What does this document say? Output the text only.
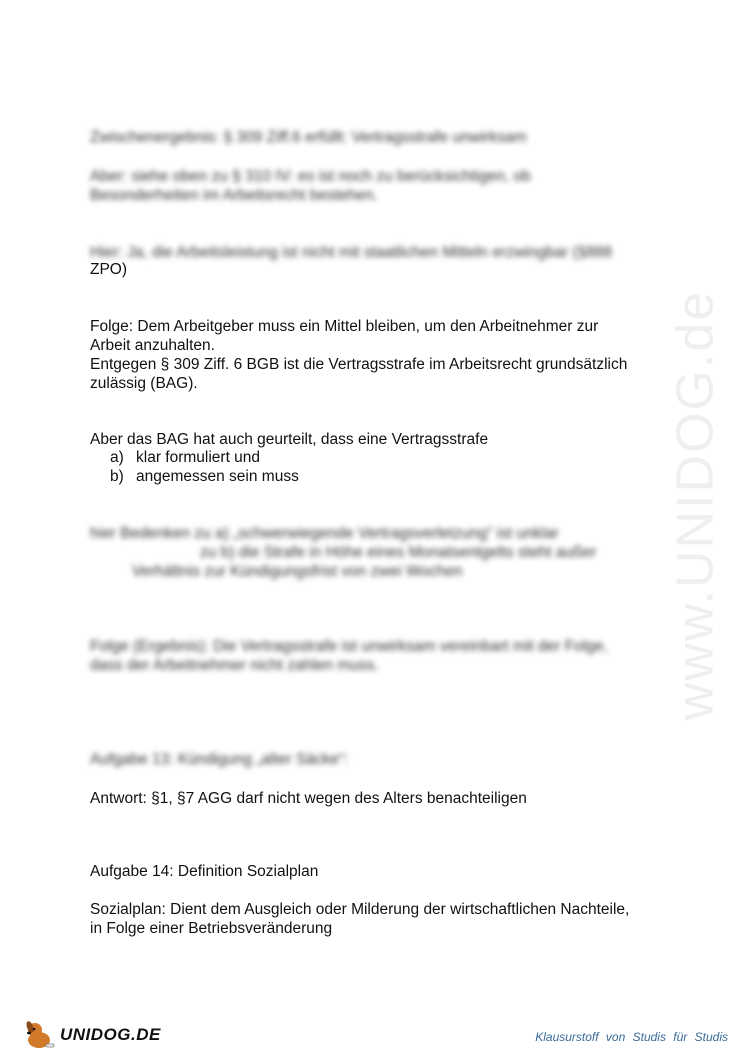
www.UNIDOG.de
Zwischenergebnis: § 309 Ziff.6 erfüllt: Vertragsstrafe unwirksam
Aber: siehe oben zu § 310 IV: es ist noch zu berücksichtigen, ob
Besonderheiten im Arbeitsrecht bestehen.
Hier: Ja, die Arbeitsleistung ist nicht mit staatlichen Mitteln erzwingbar (§888
ZPO)
Folge: Dem Arbeitgeber muss ein Mittel bleiben, um den Arbeitnehmer zur
Arbeit anzuhalten.
Entgegen § 309 Ziff. 6 BGB ist die Vertragsstrafe im Arbeitsrecht grundsätzlich
zulässig (BAG).
Aber das BAG hat auch geurteilt, dass eine Vertragsstrafe
a) klar formuliert und
b) angemessen sein muss
hier Bedenken zu a) „schwerwiegende Vertragsverletzung“ ist unklar
zu b) die Strafe in Höhe eines Monatsentgelts steht außer
Verhältnis zur Kündigungsfrist von zwei Wochen
Folge (Ergebnis): Die Vertragsstrafe ist unwirksam vereinbart mit der Folge,
dass der Arbeitnehmer nicht zahlen muss.
Aufgabe 13: Kündigung „alter Säcke“:
Antwort: §1, §7 AGG darf nicht wegen des Alters benachteiligen
Aufgabe 14: Definition Sozialplan
Sozialplan: Dient dem Ausgleich oder Milderung der wirtschaftlichen Nachteile,
in Folge einer Betriebsveränderung
UNIDOG.DE	Klausurstoff von Studis für Studis
